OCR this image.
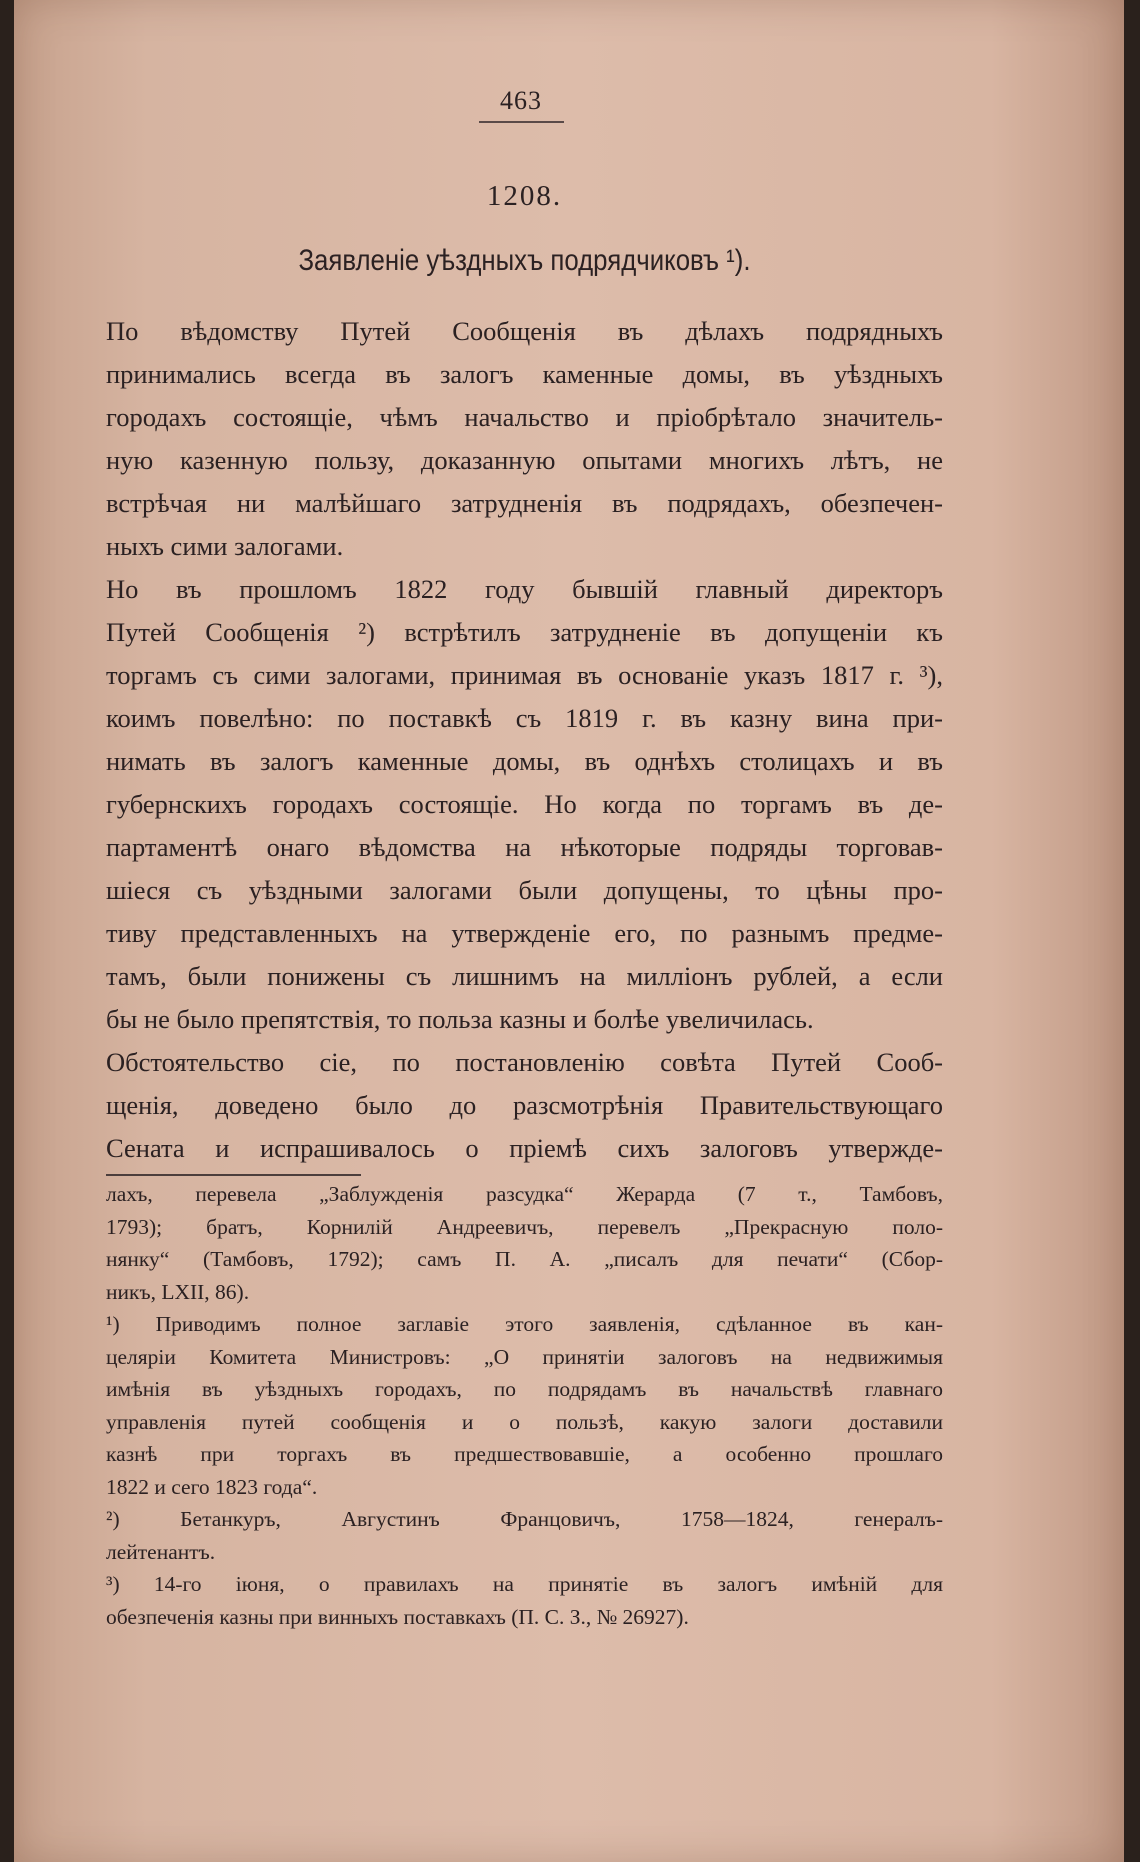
463
1208.
Заявленіе уѣздныхъ подрядчиковъ ¹).
По вѣдомству Путей Сообщенія въ дѣлахъ подрядныхъ
принимались всегда въ залогъ каменные домы, въ уѣздныхъ
городахъ состоящіе, чѣмъ начальство и пріобрѣтало значитель-
ную казенную пользу, доказанную опытами многихъ лѣтъ, не
встрѣчая ни малѣйшаго затрудненія въ подрядахъ, обезпечен-
ныхъ сими залогами.
Но въ прошломъ 1822 году бывшій главный директоръ
Путей Сообщенія ²) встрѣтилъ затрудненіе въ допущеніи къ
торгамъ съ сими залогами, принимая въ основаніе указъ 1817 г. ³),
коимъ повелѣно: по поставкѣ съ 1819 г. въ казну вина при-
нимать въ залогъ каменные домы, въ однѣхъ столицахъ и въ
губернскихъ городахъ состоящіе. Но когда по торгамъ въ де-
партаментѣ онаго вѣдомства на нѣкоторые подряды торговав-
шіеся съ уѣздными залогами были допущены, то цѣны про-
тиву представленныхъ на утвержденіе его, по разнымъ предме-
тамъ, были понижены съ лишнимъ на милліонъ рублей, а если
бы не было препятствія, то польза казны и болѣе увеличилась.
Обстоятельство сіе, по постановленію совѣта Путей Сооб-
щенія, доведено было до разсмотрѣнія Правительствующаго
Сената и испрашивалось о пріемѣ сихъ залоговъ утвержде-
лахъ, перевела „Заблужденія разсудка“ Жерарда (7 т., Тамбовъ,
1793); братъ, Корнилій Андреевичъ, перевелъ „Прекрасную поло-
нянку“ (Тамбовъ, 1792); самъ П. А. „писалъ для печати“ (Сбор-
никъ, LXII, 86).
¹) Приводимъ полное заглавіе этого заявленія, сдѣланное въ кан-
целяріи Комитета Министровъ: „О принятіи залоговъ на недвижимыя
имѣнія въ уѣздныхъ городахъ, по подрядамъ въ начальствѣ главнаго
управленія путей сообщенія и о пользѣ, какую залоги доставили
казнѣ при торгахъ въ предшествовавшіе, а особенно прошлаго
1822 и сего 1823 года“.
²) Бетанкуръ, Августинъ Францовичъ, 1758—1824, генералъ-
лейтенантъ.
³) 14-го іюня, о правилахъ на принятіе въ залогъ имѣній для
обезпеченія казны при винныхъ поставкахъ (П. С. З., № 26927).
